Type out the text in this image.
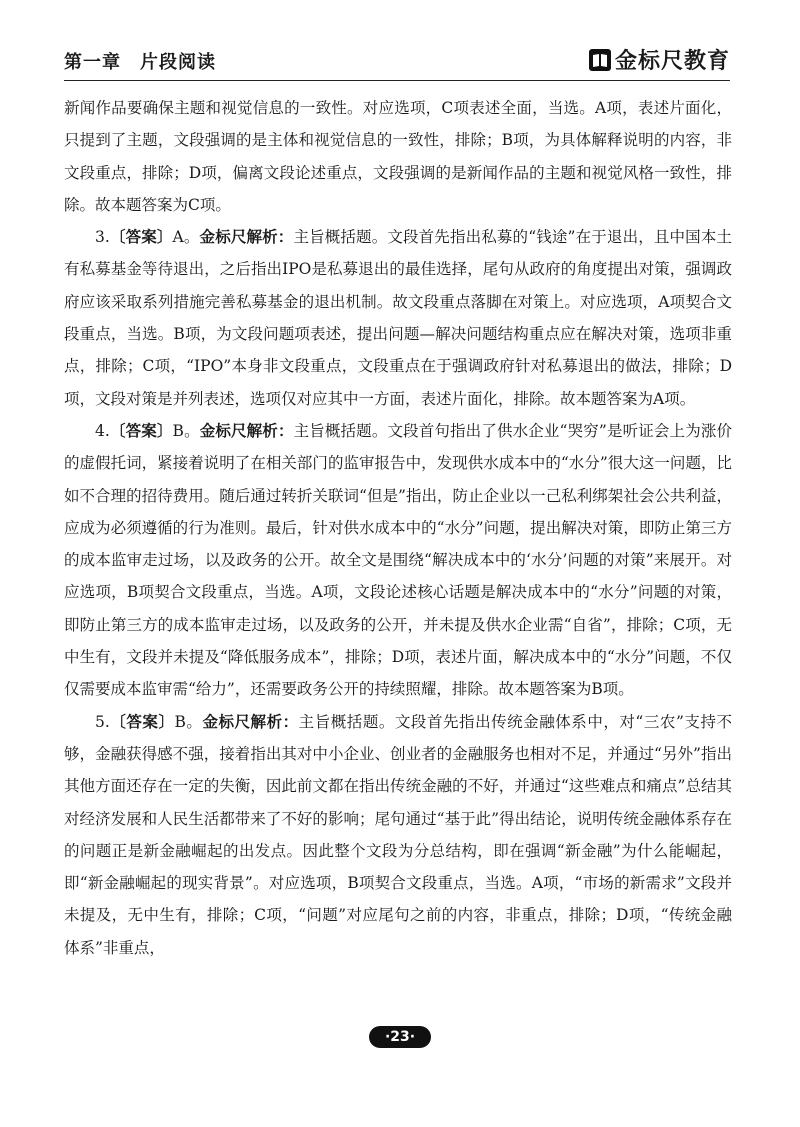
第一章　片段阅读	金标尺教育

新闻作品要确保主题和视觉信息的一致性。对应选项，C项表述全面，当选。A项，表述片面化，只提到了主题，文段强调的是主体和视觉信息的一致性，排除；B项，为具体解释说明的内容，非文段重点，排除；D项，偏离文段论述重点，文段强调的是新闻作品的主题和视觉风格一致性，排除。故本题答案为C项。

3.〔答案〕A。金标尺解析：主旨概括题。文段首先指出私募的“钱途”在于退出，且中国本土有私募基金等待退出，之后指出IPO是私募退出的最佳选择，尾句从政府的角度提出对策，强调政府应该采取系列措施完善私募基金的退出机制。故文段重点落脚在对策上。对应选项，A项契合文段重点，当选。B项，为文段问题项表述，提出问题—解决问题结构重点应在解决对策，选项非重点，排除；C项，“IPO”本身非文段重点，文段重点在于强调政府针对私募退出的做法，排除；D项，文段对策是并列表述，选项仅对应其中一方面，表述片面化，排除。故本题答案为A项。

4.〔答案〕B。金标尺解析：主旨概括题。文段首句指出了供水企业“哭穷”是听证会上为涨价的虚假托词，紧接着说明了在相关部门的监审报告中，发现供水成本中的“水分”很大这一问题，比如不合理的招待费用。随后通过转折关联词“但是”指出，防止企业以一己私利绑架社会公共利益，应成为必须遵循的行为准则。最后，针对供水成本中的“水分”问题，提出解决对策，即防止第三方的成本监审走过场，以及政务的公开。故全文是围绕“解决成本中的‘水分’问题的对策”来展开。对应选项，B项契合文段重点，当选。A项，文段论述核心话题是解决成本中的“水分”问题的对策，即防止第三方的成本监审走过场，以及政务的公开，并未提及供水企业需“自省”，排除；C项，无中生有，文段并未提及“降低服务成本”，排除；D项，表述片面，解决成本中的“水分”问题，不仅仅需要成本监审需“给力”，还需要政务公开的持续照耀，排除。故本题答案为B项。

5.〔答案〕B。金标尺解析：主旨概括题。文段首先指出传统金融体系中，对“三农”支持不够，金融获得感不强，接着指出其对中小企业、创业者的金融服务也相对不足，并通过“另外”指出其他方面还存在一定的失衡，因此前文都在指出传统金融的不好，并通过“这些难点和痛点”总结其对经济发展和人民生活都带来了不好的影响；尾句通过“基于此”得出结论，说明传统金融体系存在的问题正是新金融崛起的出发点。因此整个文段为分总结构，即在强调“新金融”为什么能崛起，即“新金融崛起的现实背景”。对应选项，B项契合文段重点，当选。A项，“市场的新需求”文段并未提及，无中生有，排除；C项，“问题”对应尾句之前的内容，非重点，排除；D项，“传统金融体系”非重点，

·23·
